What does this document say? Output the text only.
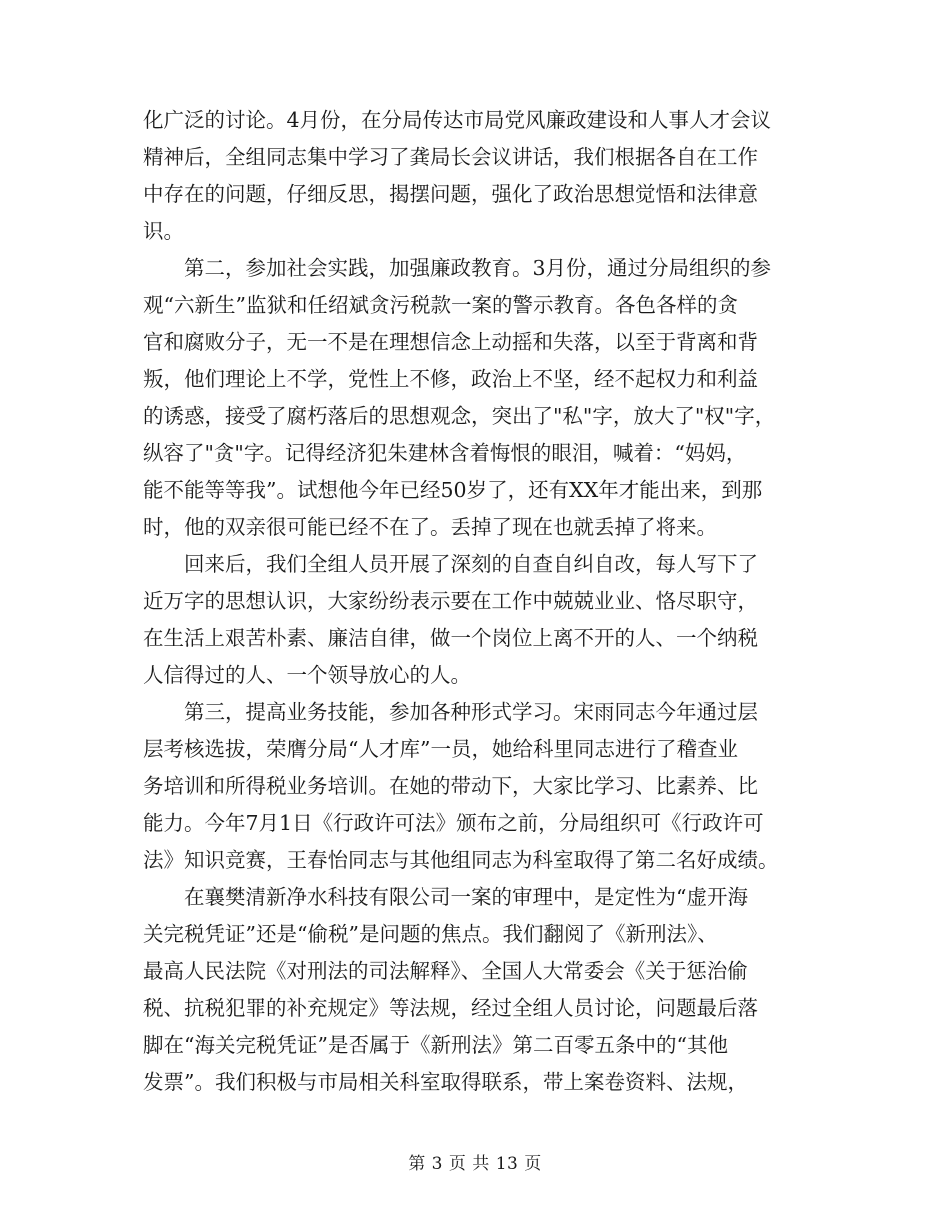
化广泛的讨论。4月份，在分局传达市局党风廉政建设和人事人才会议
精神后，全组同志集中学习了龚局长会议讲话，我们根据各自在工作
中存在的问题，仔细反思，揭摆问题，强化了政治思想觉悟和法律意
识。
　　第二，参加社会实践，加强廉政教育。3月份，通过分局组织的参
观“六新生”监狱和任绍斌贪污税款一案的警示教育。各色各样的贪
官和腐败分子，无一不是在理想信念上动摇和失落，以至于背离和背
叛，他们理论上不学，党性上不修，政治上不坚，经不起权力和利益
的诱惑，接受了腐朽落后的思想观念，突出了"私"字，放大了"权"字，
纵容了"贪"字。记得经济犯朱建林含着悔恨的眼泪，喊着：“妈妈，
能不能等等我”。试想他今年已经50岁了，还有XX年才能出来，到那
时，他的双亲很可能已经不在了。丢掉了现在也就丢掉了将来。
　　回来后，我们全组人员开展了深刻的自查自纠自改，每人写下了
近万字的思想认识，大家纷纷表示要在工作中兢兢业业、恪尽职守，
在生活上艰苦朴素、廉洁自律，做一个岗位上离不开的人、一个纳税
人信得过的人、一个领导放心的人。
　　第三，提高业务技能，参加各种形式学习。宋雨同志今年通过层
层考核选拔，荣膺分局“人才库”一员，她给科里同志进行了稽查业
务培训和所得税业务培训。在她的带动下，大家比学习、比素养、比
能力。今年7月1日《行政许可法》颁布之前，分局组织可《行政许可
法》知识竞赛，王春怡同志与其他组同志为科室取得了第二名好成绩。
　　在襄樊清新净水科技有限公司一案的审理中，是定性为“虚开海
关完税凭证”还是“偷税”是问题的焦点。我们翻阅了《新刑法》、
最高人民法院《对刑法的司法解释》、全国人大常委会《关于惩治偷
税、抗税犯罪的补充规定》等法规，经过全组人员讨论，问题最后落
脚在“海关完税凭证”是否属于《新刑法》第二百零五条中的“其他
发票”。我们积极与市局相关科室取得联系，带上案卷资料、法规，
第 3 页 共 13 页
